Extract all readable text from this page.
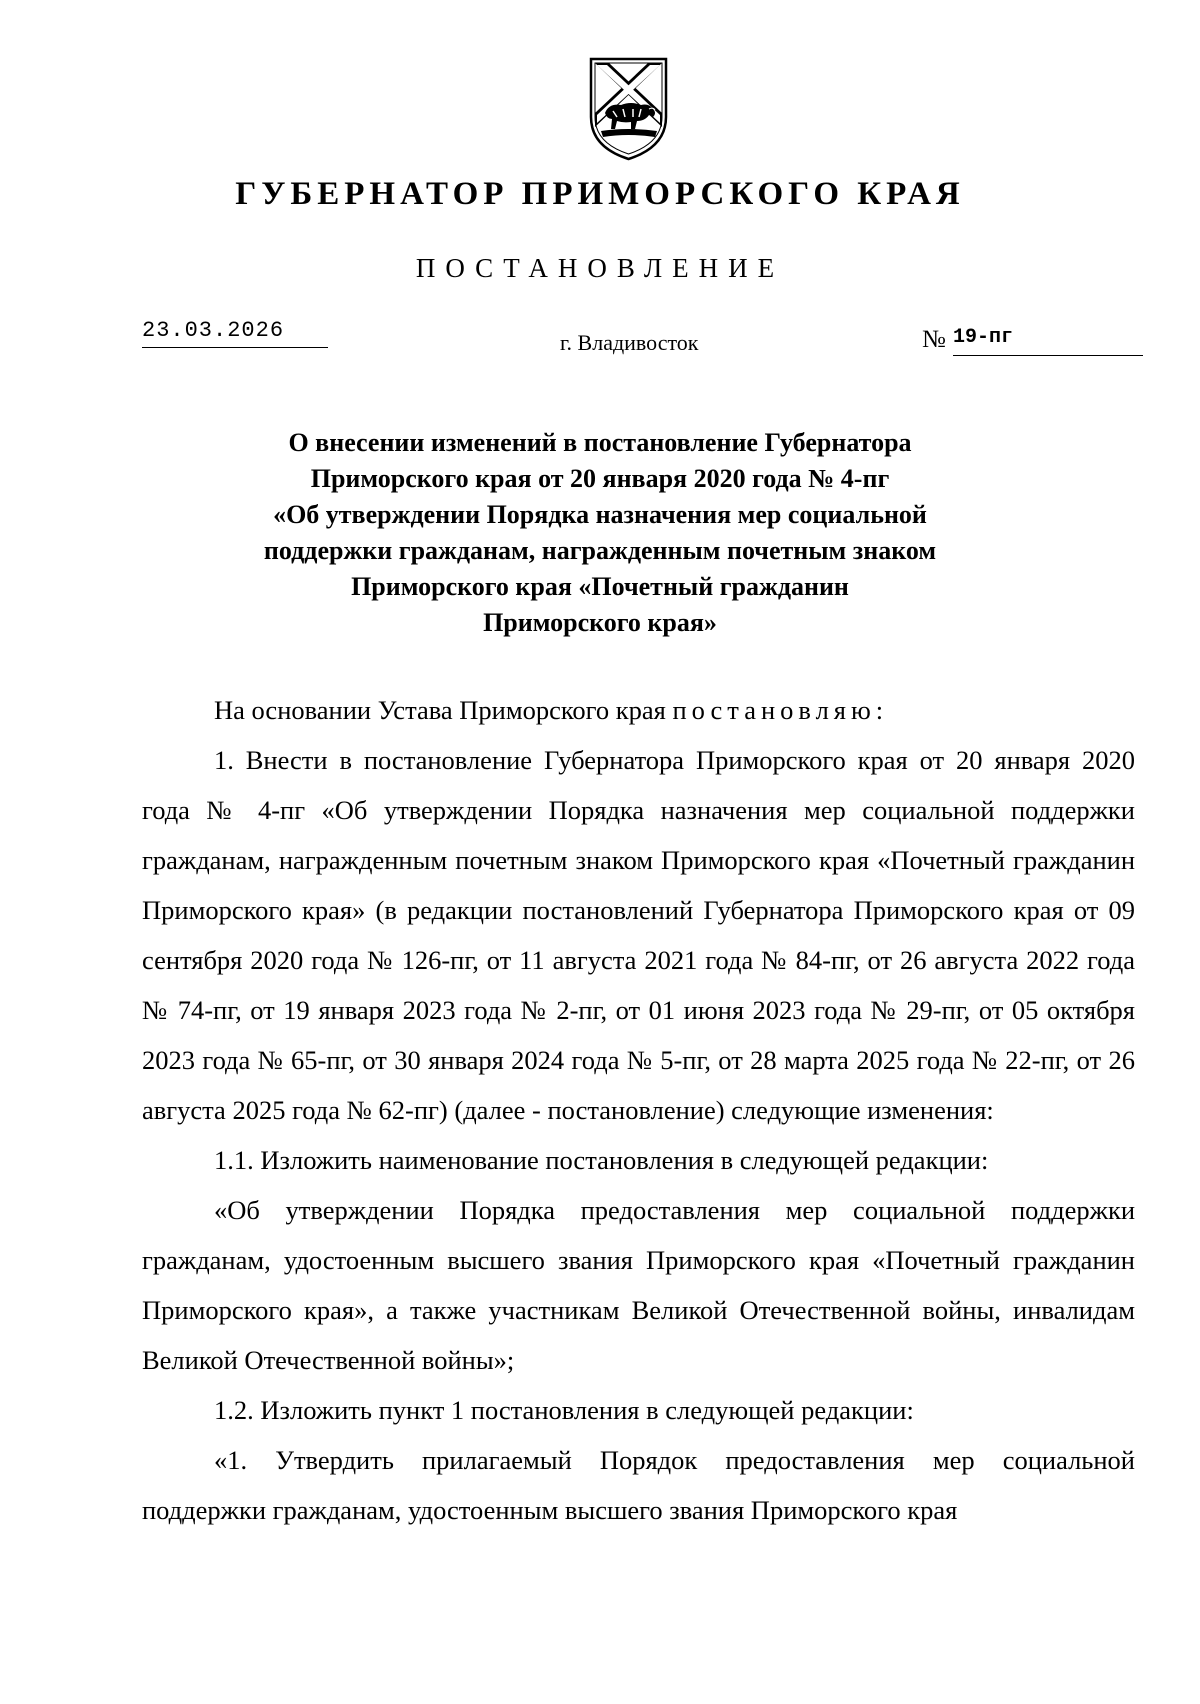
ГУБЕРНАТОР ПРИМОРСКОГО КРАЯ
ПОСТАНОВЛЕНИЕ
23.03.2026	г. Владивосток	№ 19-пг
О внесении изменений в постановление Губернатора
Приморского края от 20 января 2020 года № 4-пг
«Об утверждении Порядка назначения мер социальной
поддержки гражданам, награжденным почетным знаком
Приморского края «Почетный гражданин
Приморского края»

На основании Устава Приморского края постановляю:

1. Внести в постановление Губернатора Приморского края от 20 января 2020 года № 4-пг «Об утверждении Порядка назначения мер социальной поддержки гражданам, награжденным почетным знаком Приморского края «Почетный гражданин Приморского края» (в редакции постановлений Губернатора Приморского края от 09 сентября 2020 года № 126-пг, от 11 августа 2021 года № 84-пг, от 26 августа 2022 года № 74-пг, от 19 января 2023 года № 2-пг, от 01 июня 2023 года № 29-пг, от 05 октября 2023 года № 65-пг, от 30 января 2024 года № 5-пг, от 28 марта 2025 года № 22-пг, от 26 августа 2025 года № 62-пг) (далее - постановление) следующие изменения:

1.1. Изложить наименование постановления в следующей редакции:

«Об утверждении Порядка предоставления мер социальной поддержки гражданам, удостоенным высшего звания Приморского края «Почетный гражданин Приморского края», а также участникам Великой Отечественной войны, инвалидам Великой Отечественной войны»;

1.2. Изложить пункт 1 постановления в следующей редакции:

«1. Утвердить прилагаемый Порядок предоставления мер социальной поддержки гражданам, удостоенным высшего звания Приморского края
